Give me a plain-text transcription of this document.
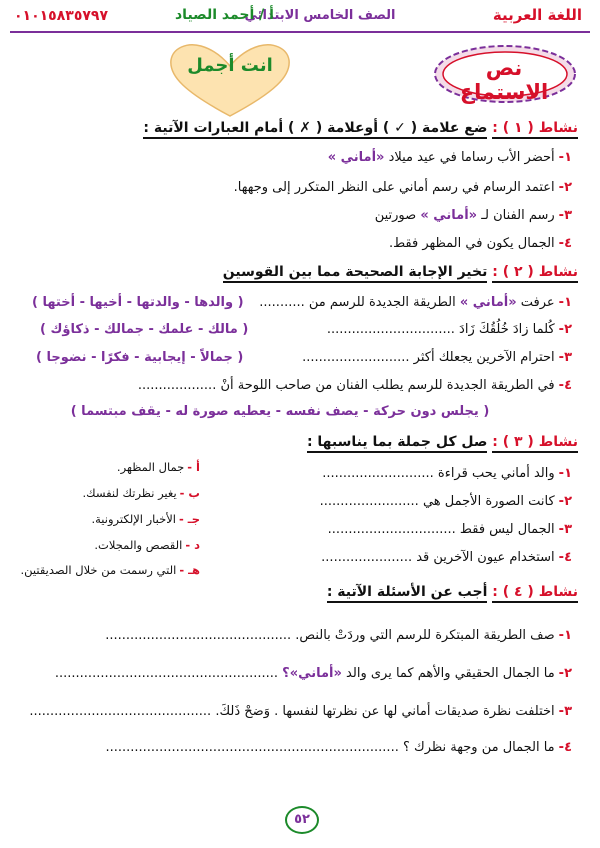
اللغة العربية
الصف الخامس الابتدائي
أ / أحمد الصياد
٠١٠١٥٨٣٥٧٩٧
نص الاستماع
انت أجمل
نشاط ( ١ ) : ضع علامة ( ✓ ) أوعلامة ( ✗ ) أمام العبارات الآتية :
١-أحضر الأب رساما في عيد ميلاد «أماني »
٢-اعتمد الرسام في رسم أماني على النظر المتكرر إلى وجهها.
٣-رسم الفنان لـ «أماني » صورتين
٤-الجمال يكون في المظهر فقط.
نشاط ( ٢ ) : تخير الإجابة الصحيحة مما بين القوسين
١-عرفت «أماني » الطريقة الجديدة للرسم من ...........
( والدها - والدتها - أخيها - أختها )
٢-كُلما زادَ خُلُقُكَ زَادَ ...............................
( مالك - علمك - جمالك - ذكاؤك )
٣-احترام الآخرين يجعلك أكثر ..........................
( جمالاً - إيجابية - فكرًا - نضوجا )
٤-في الطريقة الجديدة للرسم يطلب الفنان من صاحب اللوحة أنْ ...................
( يجلس دون حركة - يصف نفسه - يعطيه صورة له - يقف مبتسما )
نشاط ( ٣ ) : صل كل جملة بما يناسبها :
١-والد أماني يحب قراءة ...........................
٢-كانت الصورة الأجمل هي ........................
٣-الجمال ليس فقط ...............................
٤-استخدام عيون الآخرين قد ......................
أ -جمال المظهر.
ب -يغير نظرتك لنفسك.
جـ -الأخبار الإلكترونية.
د -القصص والمجلات.
هـ -التي رسمت من خلال الصديقتين.
نشاط ( ٤ ) : أجب عن الأسئلة الآتية :
١-صف الطريقة المبتكرة للرسم التي وردَتْ بالنص. .............................................
٢-ما الجمال الحقيقي والأهم كما يرى والد «أماني»؟ ......................................................
٣-اختلفت نظرة صديقات أماني لها عن نظرتها لنفسها . وَضحْ ذَلكَ. ............................................
٤-ما الجمال من وجهة نظرك ؟ .......................................................................
٥٢
